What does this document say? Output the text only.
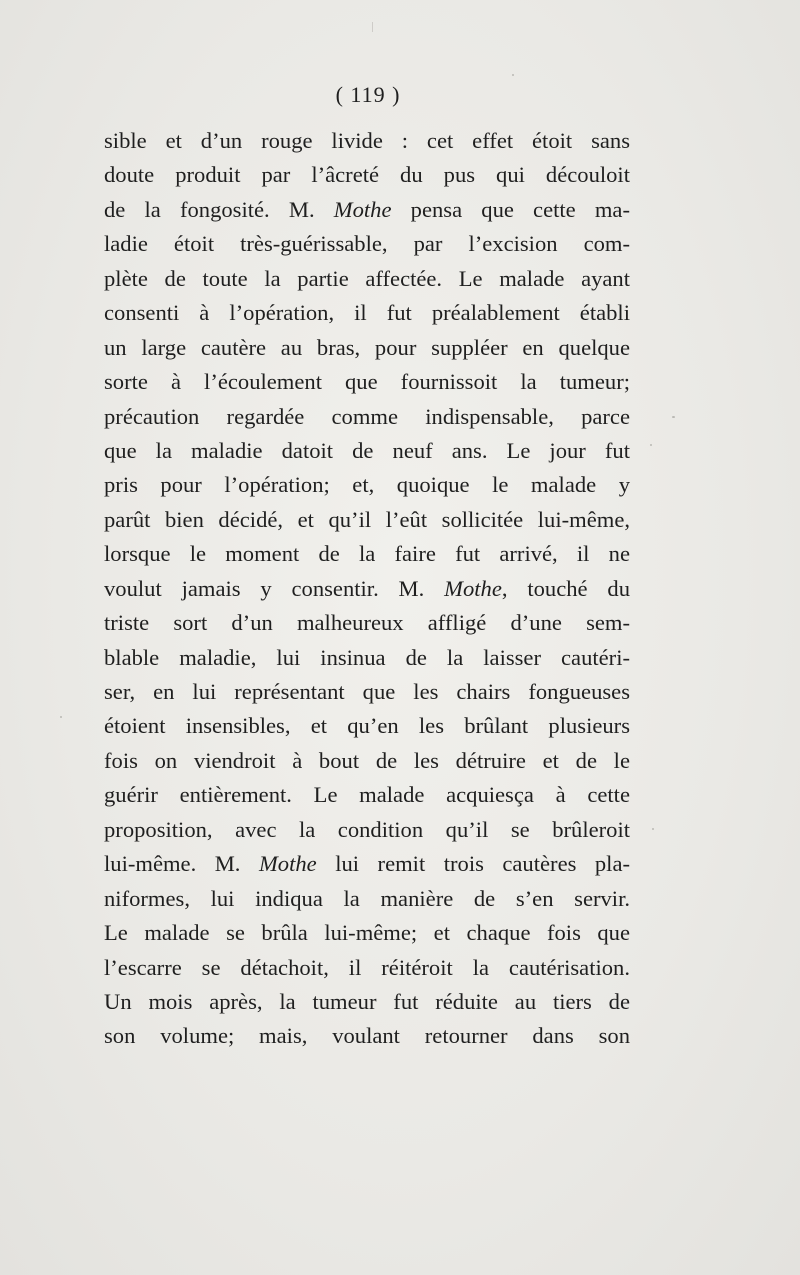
( 119 )
sible et d’un rouge livide : cet effet étoit sans
doute produit par l’âcreté du pus qui découloit
de la fongosité. M. Mothe pensa que cette ma-
ladie étoit très-guérissable, par l’excision com-
plète de toute la partie affectée. Le malade ayant
consenti à l’opération, il fut préalablement établi
un large cautère au bras, pour suppléer en quelque
sorte à l’écoulement que fournissoit la tumeur;
précaution regardée comme indispensable, parce
que la maladie datoit de neuf ans. Le jour fut
pris pour l’opération; et, quoique le malade y
parût bien décidé, et qu’il l’eût sollicitée lui-même,
lorsque le moment de la faire fut arrivé, il ne
voulut jamais y consentir. M. Mothe, touché du
triste sort d’un malheureux affligé d’une sem-
blable maladie, lui insinua de la laisser cautéri-
ser, en lui représentant que les chairs fongueuses
étoient insensibles, et qu’en les brûlant plusieurs
fois on viendroit à bout de les détruire et de le
guérir entièrement. Le malade acquiesça à cette
proposition, avec la condition qu’il se brûleroit
lui-même. M. Mothe lui remit trois cautères pla-
niformes, lui indiqua la manière de s’en servir.
Le malade se brûla lui-même; et chaque fois que
l’escarre se détachoit, il réitéroit la cautérisation.
Un mois après, la tumeur fut réduite au tiers de
son volume; mais, voulant retourner dans son
